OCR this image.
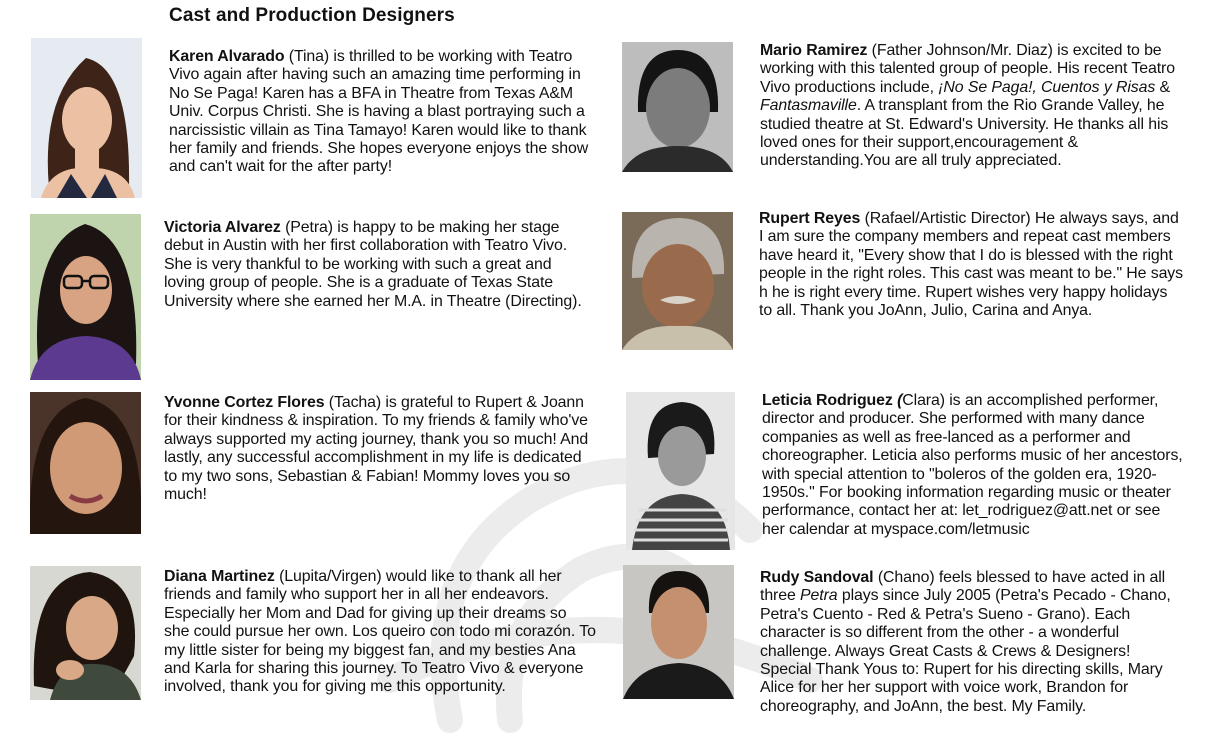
Cast and Production Designers

Karen Alvarado (Tina) is thrilled to be working with Teatro Vivo again after having such an amazing time performing in No Se Paga! Karen has a BFA in Theatre from Texas A&M Univ. Corpus Christi. She is having a blast portraying such a narcissistic villain as Tina Tamayo! Karen would like to thank her family and friends. She hopes everyone enjoys the show and can't wait for the after party!

Victoria Alvarez (Petra) is happy to be making her stage debut in Austin with her first collaboration with Teatro Vivo. She is very thankful to be working with such a great and loving group of people. She is a graduate of Texas State University where she earned her M.A. in Theatre (Directing).

Yvonne Cortez Flores (Tacha) is grateful to Rupert & Joann for their kindness & inspiration. To my friends & family who've always supported my acting journey, thank you so much! And lastly, any successful accomplishment in my life is dedicated to my two sons, Sebastian & Fabian! Mommy loves you so much!

Diana Martinez (Lupita/Virgen) would like to thank all her friends and family who support her in all her endeavors. Especially her Mom and Dad for giving up their dreams so she could pursue her own. Los queiro con todo mi corazón. To my little sister for being my biggest fan, and my besties Ana and Karla for sharing this journey. To Teatro Vivo & everyone involved, thank you for giving me this opportunity.

Mario Ramirez (Father Johnson/Mr. Diaz) is excited to be working with this talented group of people. His recent Teatro Vivo productions include, ¡No Se Paga!, Cuentos y Risas & Fantasmaville. A transplant from the Rio Grande Valley, he studied theatre at St. Edward's University. He thanks all his loved ones for their support,encouragement & understanding.You are all truly appreciated.

Rupert Reyes (Rafael/Artistic Director) He always says, and I am sure the company members and repeat cast members have heard it, "Every show that I do is blessed with the right people in the right roles. This cast was meant to be." He says h he is right every time. Rupert wishes very happy holidays to all. Thank you JoAnn, Julio, Carina and Anya.

Leticia Rodriguez (Clara) is an accomplished performer, director and producer. She performed with many dance companies as well as free-lanced as a performer and choreographer. Leticia also performs music of her ancestors, with special attention to "boleros of the golden era, 1920-1950s." For booking information regarding music or theater performance, contact her at: let_rodriguez@att.net or see her calendar at myspace.com/letmusic

Rudy Sandoval (Chano) feels blessed to have acted in all three Petra plays since July 2005 (Petra's Pecado - Chano, Petra's Cuento - Red & Petra's Sueno - Grano). Each character is so different from the other - a wonderful challenge. Always Great Casts & Crews & Designers! Special Thank Yous to: Rupert for his directing skills, Mary Alice for her her support with voice work, Brandon for choreography, and JoAnn, the best. My Family.
